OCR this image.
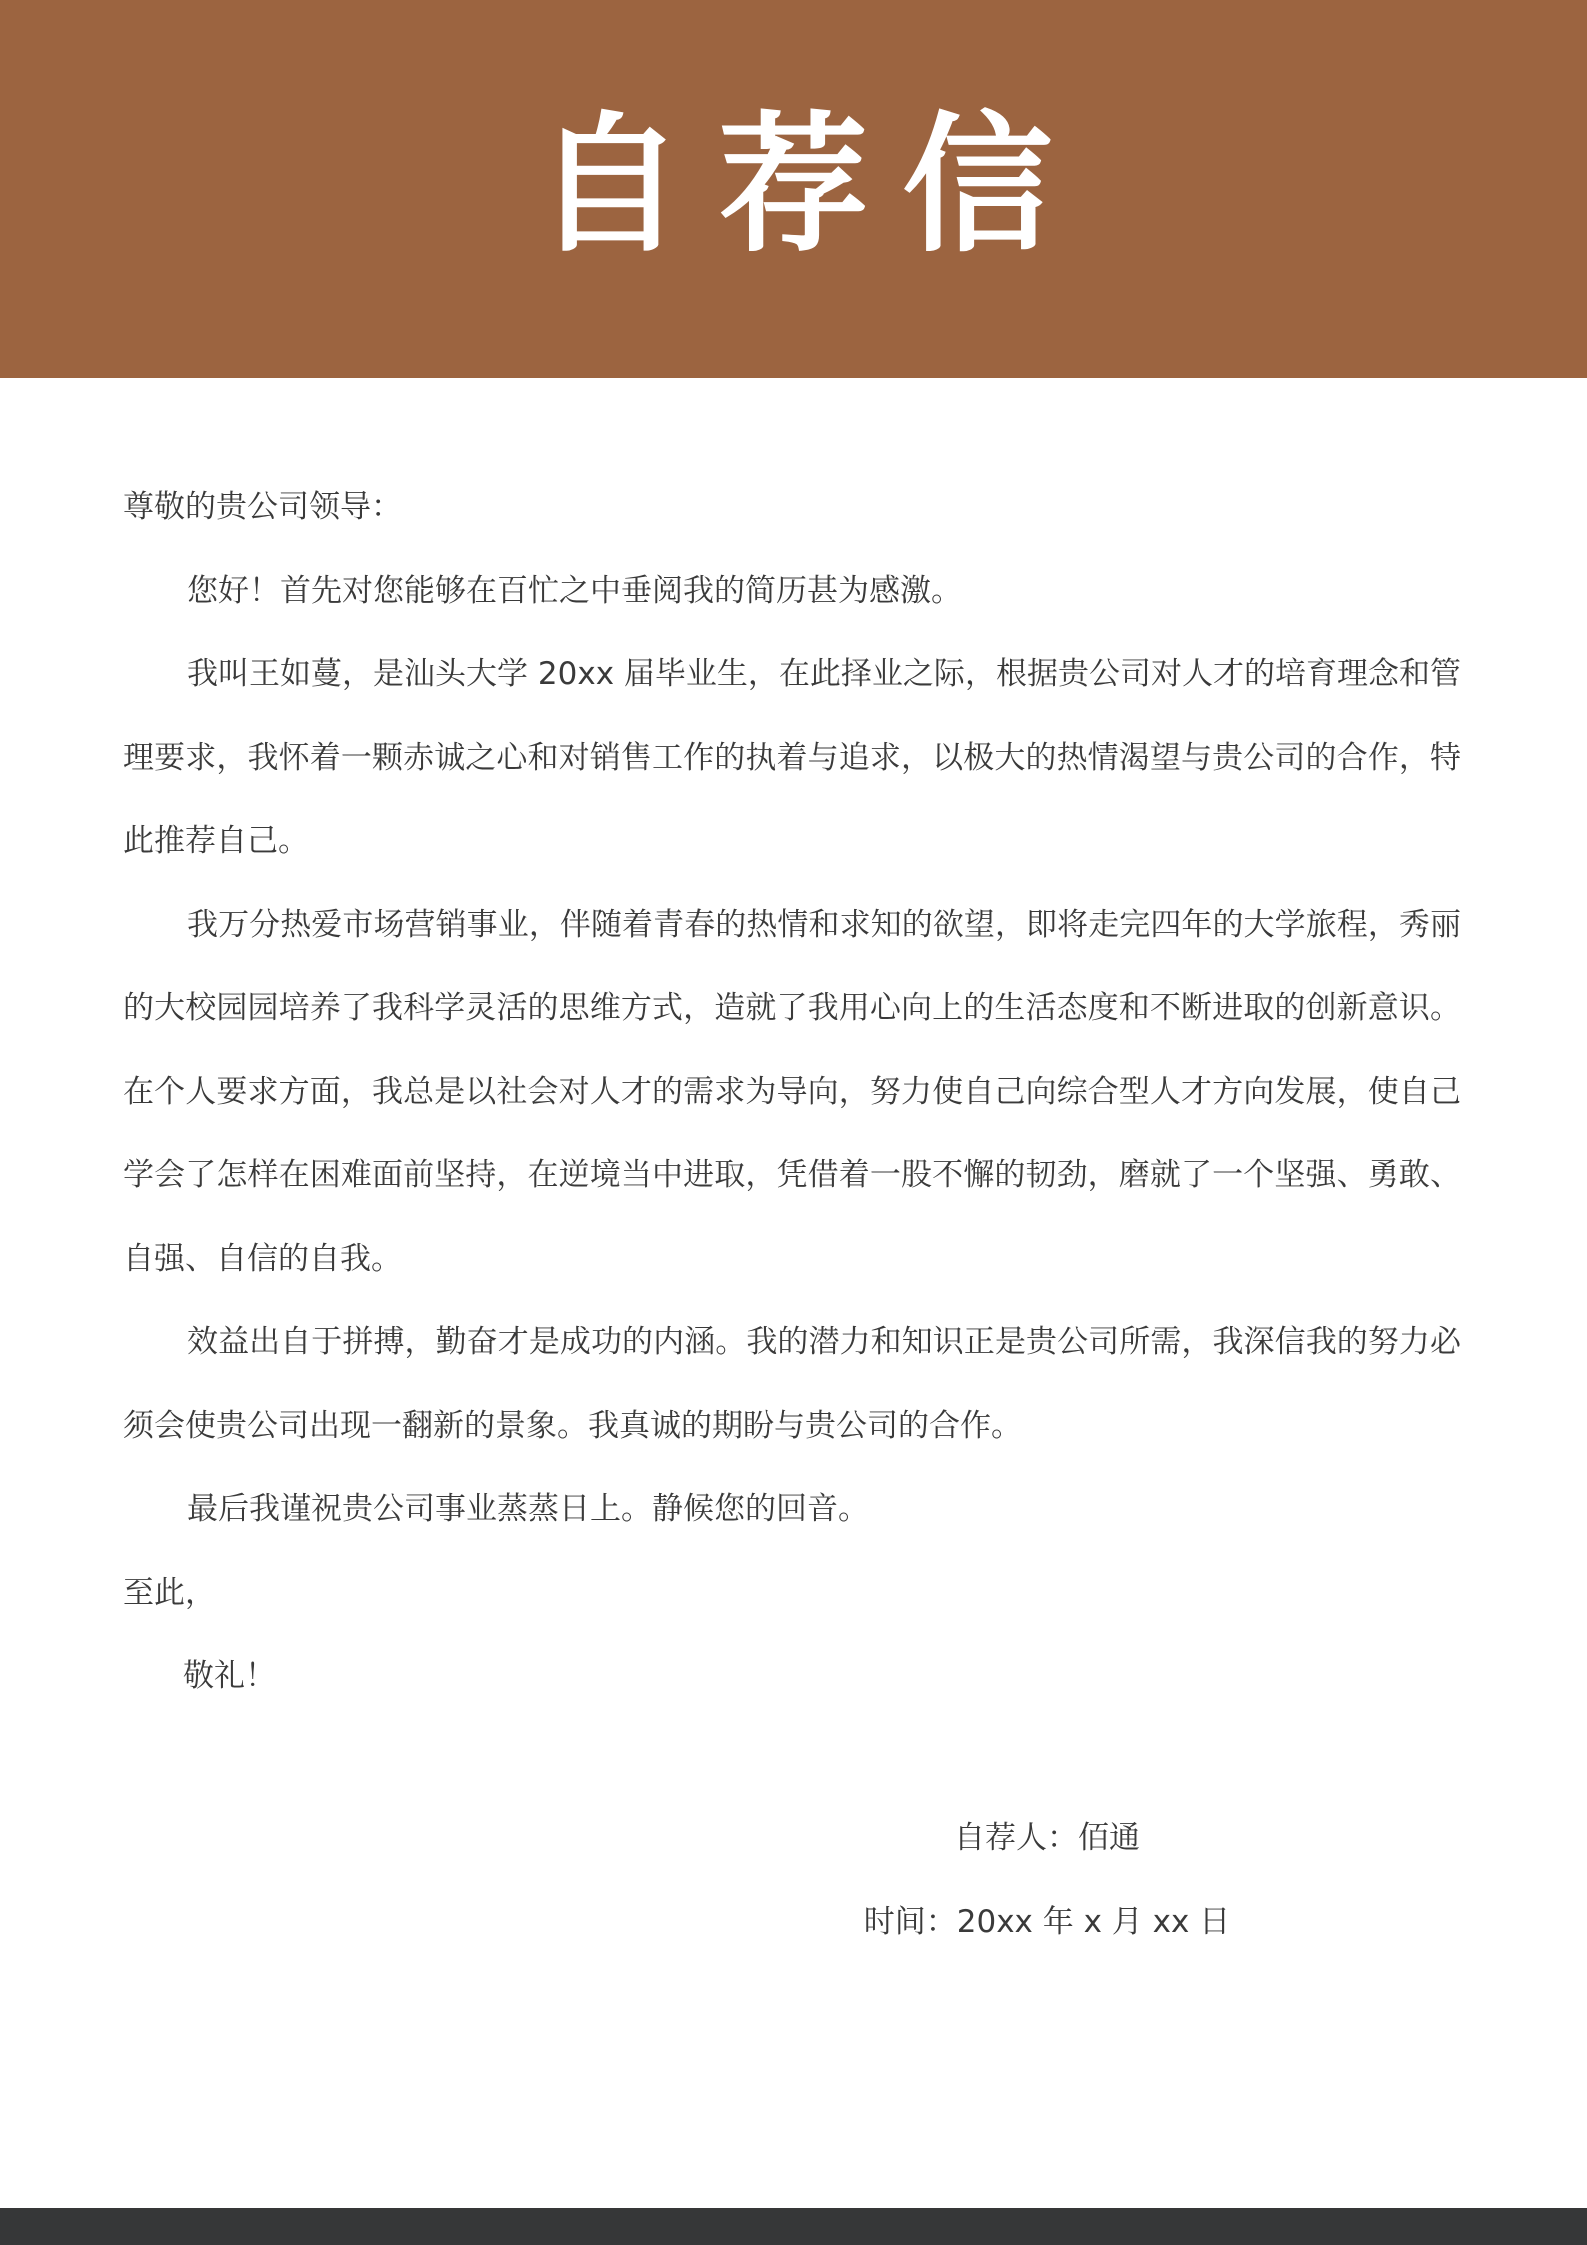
自荐信

尊敬的贵公司领导：

您好！首先对您能够在百忙之中垂阅我的简历甚为感激。

我叫王如蔓，是汕头大学 20xx 届毕业生，在此择业之际，根据贵公司对人才的培育理念和管理要求，我怀着一颗赤诚之心和对销售工作的执着与追求，以极大的热情渴望与贵公司的合作，特此推荐自己。

我万分热爱市场营销事业，伴随着青春的热情和求知的欲望，即将走完四年的大学旅程，秀丽的大校园园培养了我科学灵活的思维方式，造就了我用心向上的生活态度和不断进取的创新意识。在个人要求方面，我总是以社会对人才的需求为导向，努力使自己向综合型人才方向发展，使自己学会了怎样在困难面前坚持，在逆境当中进取，凭借着一股不懈的韧劲，磨就了一个坚强、勇敢、自强、自信的自我。

效益出自于拼搏，勤奋才是成功的内涵。我的潜力和知识正是贵公司所需，我深信我的努力必须会使贵公司出现一翻新的景象。我真诚的期盼与贵公司的合作。

最后我谨祝贵公司事业蒸蒸日上。静候您的回音。

至此，

敬礼！

自荐人：佰通
时间：20xx 年 x 月 xx 日
